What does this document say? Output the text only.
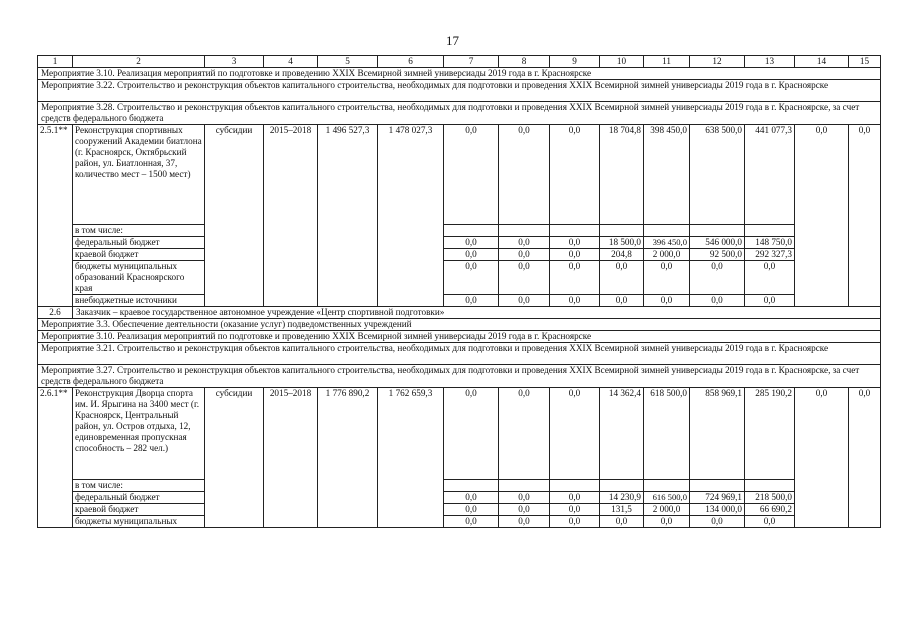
17
1	2	3	4	5	6	7	8	9	10	11	12	13	14	15
Мероприятие 3.10. Реализация мероприятий по подготовке и проведению XXIX Всемирной зимней универсиады 2019 года в г. Красноярске														
Мероприятие 3.22. Строительство и реконструкция объектов капитального строительства, необходимых для подготовки и проведения XXIX Всемирной зимней универсиады 2019 года в г. Красноярске														
Мероприятие 3.28. Строительство и реконструкция объектов капитального строительства, необходимых для подготовки и проведения XXIX Всемирной зимней универсиады 2019 года в г. Красноярске, за счет средств федерального бюджета														
2.5.1**	Реконструкция спортивных сооружений Академии биатлона (г. Красноярск, Октябрьский район, ул. Биатлонная, 37, количество мест – 1500 мест)	субсидии	2015–2018	1 496 527,3	1 478 027,3	0,0	0,0	0,0	18 704,8	398 450,0	638 500,0	441 077,3	0,0	0,0
	в том числе:													
	федеральный бюджет					0,0	0,0	0,0	18 500,0	396 450,0	546 000,0	148 750,0		
	краевой бюджет					0,0	0,0	0,0	204,8	2 000,0	92 500,0	292 327,3		
	бюджеты муниципальных образований Красноярского края					0,0	0,0	0,0	0,0	0,0	0,0	0,0		
	внебюджетные источники					0,0	0,0	0,0	0,0	0,0	0,0	0,0		
2.6	Заказчик – краевое государственное автономное учреждение «Центр спортивной подготовки»													
Мероприятие 3.3. Обеспечение деятельности (оказание услуг) подведомственных учреждений														
Мероприятие 3.10. Реализация мероприятий по подготовке и проведению XXIX Всемирной зимней универсиады 2019 года в г. Красноярске														
Мероприятие 3.21. Строительство и реконструкция объектов капитального строительства, необходимых для подготовки и проведения XXIX Всемирной зимней универсиады 2019 года в г. Красноярске														
Мероприятие 3.27. Строительство и реконструкция объектов капитального строительства, необходимых для подготовки и проведения XXIX Всемирной зимней универсиады 2019 года в г. Красноярске, за счет средств федерального бюджета														
2.6.1**	Реконструкция Дворца спорта им. И. Ярыгина на 3400 мест (г. Красноярск, Центральный район, ул. Остров отдыха, 12, единовременная пропускная способность – 282 чел.)	субсидии	2015–2018	1 776 890,2	1 762 659,3	0,0	0,0	0,0	14 362,4	618 500,0	858 969,1	285 190,2	0,0	0,0
	в том числе:													
	федеральный бюджет					0,0	0,0	0,0	14 230,9	616 500,0	724 969,1	218 500,0		
	краевой бюджет					0,0	0,0	0,0	131,5	2 000,0	134 000,0	66 690,2		
	бюджеты муниципальных					0,0	0,0	0,0	0,0	0,0	0,0	0,0		
